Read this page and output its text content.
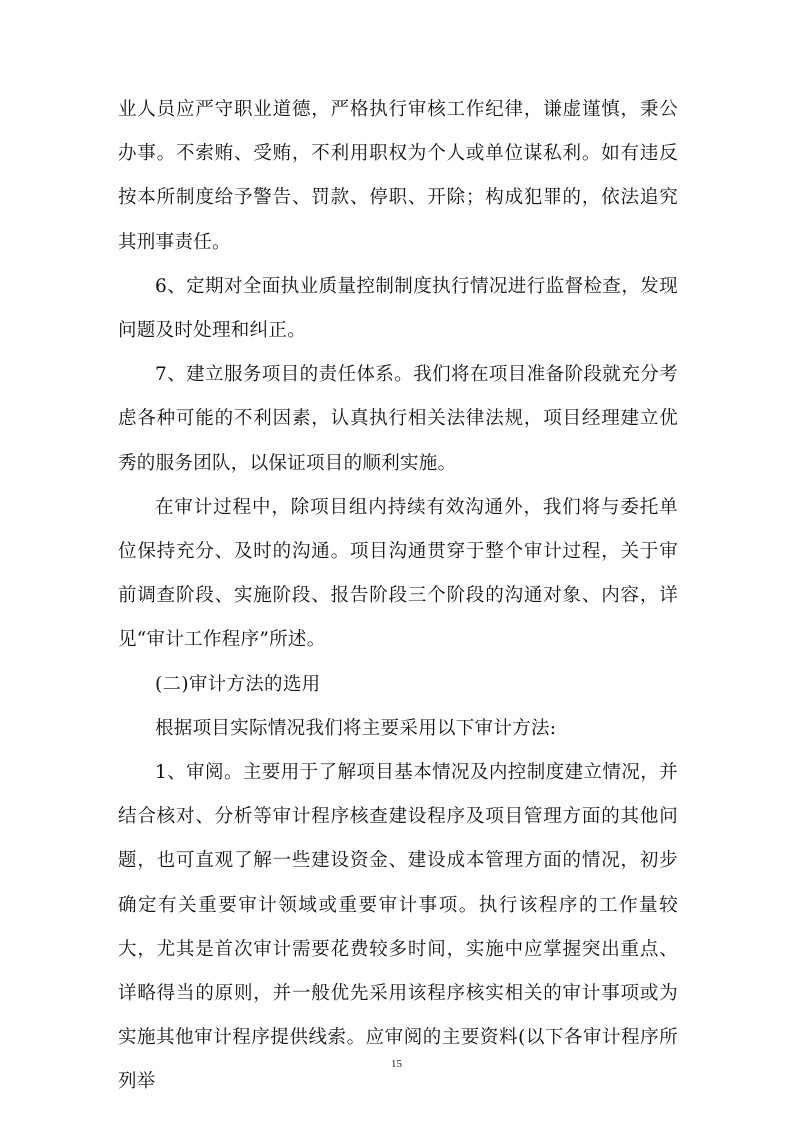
业人员应严守职业道德，严格执行审核工作纪律，谦虚谨慎，秉公办事。不索贿、受贿，不利用职权为个人或单位谋私利。如有违反按本所制度给予警告、罚款、停职、开除；构成犯罪的，依法追究其刑事责任。

6、定期对全面执业质量控制制度执行情况进行监督检查，发现问题及时处理和纠正。

7、建立服务项目的责任体系。我们将在项目准备阶段就充分考虑各种可能的不利因素，认真执行相关法律法规，项目经理建立优秀的服务团队，以保证项目的顺利实施。

在审计过程中，除项目组内持续有效沟通外，我们将与委托单位保持充分、及时的沟通。项目沟通贯穿于整个审计过程，关于审前调查阶段、实施阶段、报告阶段三个阶段的沟通对象、内容，详见“审计工作程序”所述。

(二)审计方法的选用

根据项目实际情况我们将主要采用以下审计方法:

1、审阅。主要用于了解项目基本情况及内控制度建立情况，并结合核对、分析等审计程序核查建设程序及项目管理方面的其他问题，也可直观了解一些建设资金、建设成本管理方面的情况，初步确定有关重要审计领域或重要审计事项。执行该程序的工作量较大，尤其是首次审计需要花费较多时间，实施中应掌握突出重点、详略得当的原则，并一般优先采用该程序核实相关的审计事项或为实施其他审计程序提供线索。应审阅的主要资料(以下各审计程序所列举

15
